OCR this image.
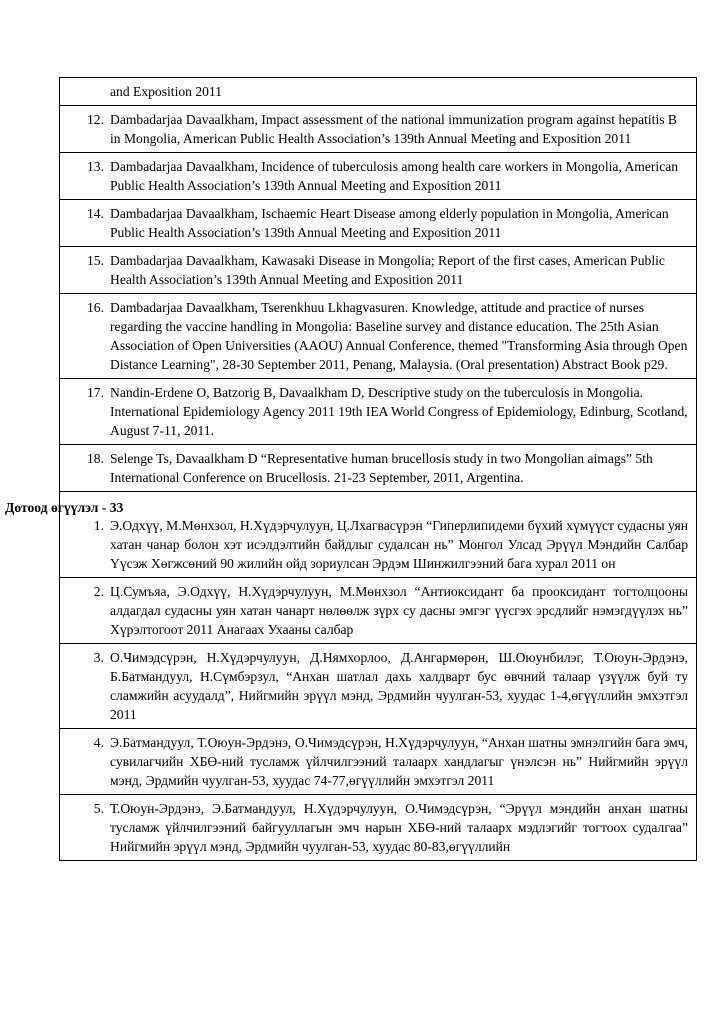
and Exposition 2011
12. Dambadarjaa Davaalkham, Impact assessment of the national immunization program against hepatitis B in Mongolia, American Public Health Association’s 139th Annual Meeting and Exposition 2011
13. Dambadarjaa Davaalkham, Incidence of tuberculosis among health care workers in Mongolia, American Public Health Association’s 139th Annual Meeting and Exposition 2011
14. Dambadarjaa Davaalkham, Ischaemic Heart Disease among elderly population in Mongolia, American Public Health Association’s 139th Annual Meeting and Exposition 2011
15. Dambadarjaa Davaalkham, Kawasaki Disease in Mongolia; Report of the first cases, American Public Health Association’s 139th Annual Meeting and Exposition 2011
16. Dambadarjaa Davaalkham, Tserenkhuu Lkhagvasuren. Knowledge, attitude and practice of nurses regarding the vaccine handling in Mongolia: Baseline survey and distance education. The 25th Asian Association of Open Universities (AAOU) Annual Conference, themed "Transforming Asia through Open Distance Learning", 28-30 September 2011, Penang, Malaysia. (Oral presentation) Abstract Book p29.
17. Nandin-Erdene O, Batzorig B, Davaalkham D, Descriptive study on the tuberculosis in Mongolia. International Epidemiology Agency 2011 19th IEA World Congress of Epidemiology, Edinburg, Scotland, August 7-11, 2011.
18. Selenge Ts, Davaalkham D “Representative human brucellosis study in two Mongolian aimags” 5th International Conference on Brucellosis. 21-23 September, 2011, Argentina.
Дотоод өгүүлэл - 33
1. Э.Одхүү, М.Мөнхзол, Н.Хүдэрчулуун, Ц.Лхагвасүрэн “Гиперлипидеми бүхий хүмүүст судасны уян хатан чанар болон хэт исэлдэлтийн байдлыг судалсан нь” Монгол Улсад Эрүүл Мэндийн Салбар Үүсэж Хөгжсөний 90 жилийн ойд зориулсан Эрдэм Шинжилгээний бага хурал 2011 он
2. Ц.Сумъяа, Э.Одхүү, Н.Хүдэрчулуун, М.Мөнхзол “Антиоксидант ба прооксидант тогтолцооны алдагдал судасны уян хатан чанарт нөлөөлж зүрх су дасны эмгэг үүсгэх эрсдлийг нэмэгдүүлэх нь” Хүрэлтогоот 2011 Анагаах Ухааны салбар
3. О.Чимэдсүрэн, Н.Хүдэрчулуун, Д.Нямхорлоо, Д.Ангармөрөн, Ш.Оюунбилэг, Т.Оюун-Эрдэнэ, Б.Батмандуул, Н.Сүмбэрзул, “Анхан шатлал дахь халдварт бус өвчний талаар үзүүлж буй ту сламжийн асуудалд”, Нийгмийн эрүүл мэнд, Эрдмийн чуулган-53, хуудас 1-4,өгүүллийн эмхэтгэл 2011
4. Э.Батмандуул, Т.Оюун-Эрдэнэ, О.Чимэдсүрэн, Н.Хүдэрчулуун, “Анхан шатны эмнэлгийн бага эмч, сувилагчийн ХБӨ-ний тусламж үйлчилгээний талаарх хандлагыг үнэлсэн нь” Нийгмийн эрүүл мэнд, Эрдмийн чуулган-53, хуудас 74-77,өгүүллийн эмхэтгэл 2011
5. Т.Оюун-Эрдэнэ, Э.Батмандуул, Н.Хүдэрчулуун, О.Чимэдсүрэн, “Эрүүл мэндийн анхан шатны тусламж үйлчилгээний байгууллагын эмч нарын ХБӨ-ний талаарх мэдлэгийг тогтоох судалгаа” Нийгмийн эрүүл мэнд, Эрдмийн чуулган-53, хуудас 80-83,өгүүллийн
